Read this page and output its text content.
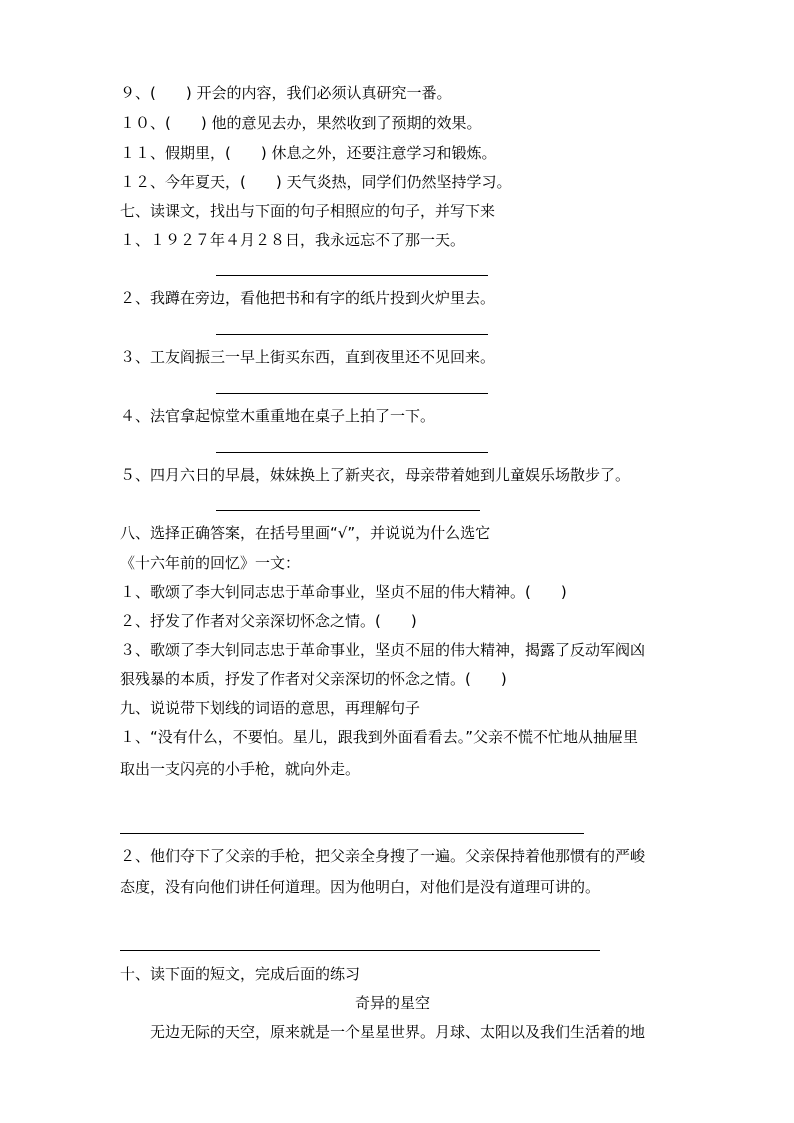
９、(　　) 开会的内容，我们必须认真研究一番。
１０、(　　) 他的意见去办，果然收到了预期的效果。
１１、假期里，(　　) 休息之外，还要注意学习和锻炼。
１２、今年夏天，(　　) 天气炎热，同学们仍然坚持学习。
七、读课文，找出与下面的句子相照应的句子，并写下来
１、１９２７年４月２８日，我永远忘不了那一天。
２、我蹲在旁边，看他把书和有字的纸片投到火炉里去。
３、工友阎振三一早上街买东西，直到夜里还不见回来。
４、法官拿起惊堂木重重地在桌子上拍了一下。
５、四月六日的早晨，妹妹换上了新夹衣，母亲带着她到儿童娱乐场散步了。
八、选择正确答案，在括号里画“√”，并说说为什么选它
《十六年前的回忆》一文：
１、歌颂了李大钊同志忠于革命事业，坚贞不屈的伟大精神。(　　)
２、抒发了作者对父亲深切怀念之情。(　　)
３、歌颂了李大钊同志忠于革命事业，坚贞不屈的伟大精神，揭露了反动军阀凶
狠残暴的本质，抒发了作者对父亲深切的怀念之情。(　　)
九、说说带下划线的词语的意思，再理解句子
１、“没有什么，不要怕。星儿，跟我到外面看看去。”父亲不慌不忙地从抽屉里
取出一支闪亮的小手枪，就向外走。
２、他们夺下了父亲的手枪，把父亲全身搜了一遍。父亲保持着他那惯有的严峻
态度，没有向他们讲任何道理。因为他明白，对他们是没有道理可讲的。
十、读下面的短文，完成后面的练习
奇异的星空
　　无边无际的天空，原来就是一个星星世界。月球、太阳以及我们生活着的地
